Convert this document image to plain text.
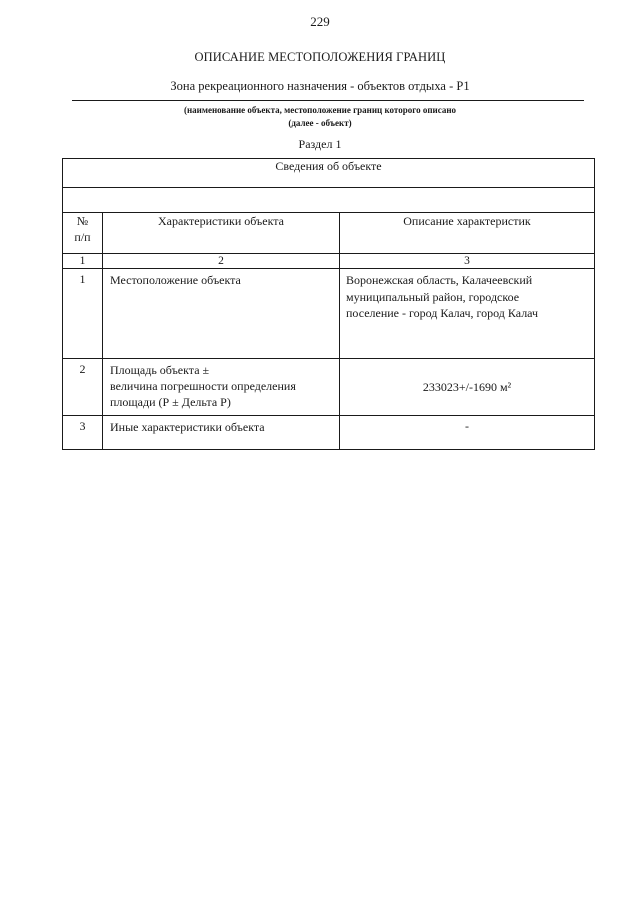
229
ОПИСАНИЕ МЕСТОПОЛОЖЕНИЯ ГРАНИЦ
Зона рекреационного назначения - объектов отдыха - Р1
(наименование объекта, местоположение границ которого описано
(далее - объект)
Раздел 1
Сведения об объекте		

№
п/п	Характеристики объекта	Описание характеристик
1	2	3
1	Местоположение объекта	Воронежская область, Калачеевский
муниципальный район, городское
поселение - город Калач, город Калач

2	Площадь объекта ±
величина погрешности определения
площади (Р ± Дельта Р)	233023+/-1690 м²

3	Иные характеристики объекта	-
